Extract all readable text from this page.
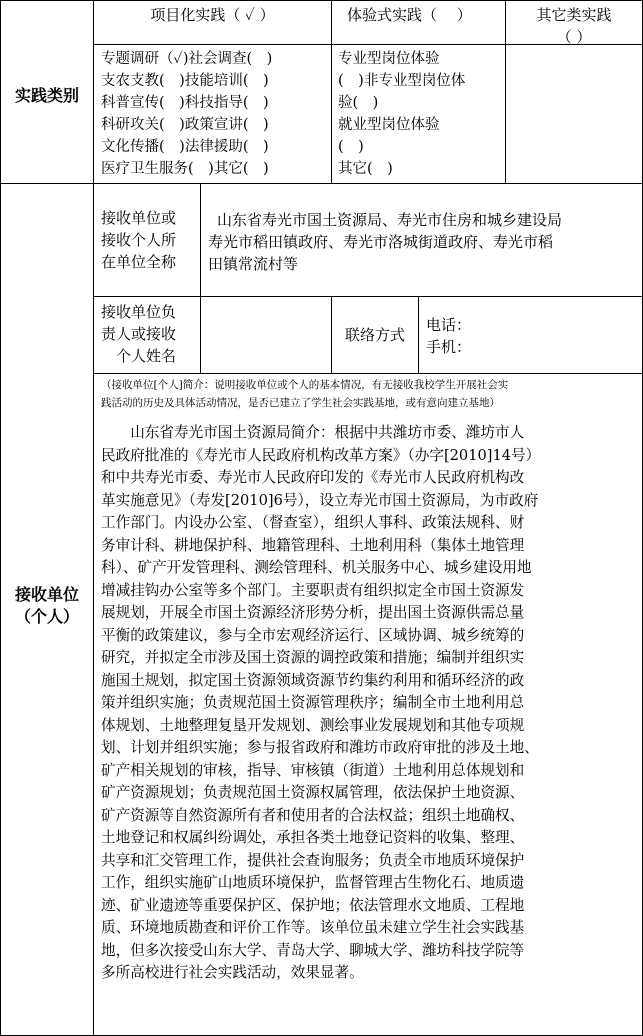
项目化实践（ ✓ ）	体验式实践（　 ）	其它类实践
（ ）
实践类别
专题调研（✓)社会调查(　)
支农支教(　)技能培训(　)
科普宣传(　)科技指导(　)
科研攻关(　)政策宣讲(　)
文化传播(　)法律援助(　)
医疗卫生服务(　)其它(　)
专业型岗位体验
(　)非专业型岗位体
验(　)
就业型岗位体验
(　)
其它(　)
接收单位
（个人）
接收单位或
接收个人所
在单位全称
山东省寿光市国土资源局、寿光市住房和城乡建设局
寿光市稻田镇政府、寿光市洛城街道政府、寿光市稻
田镇常流村等
接收单位负
责人或接收
个人姓名
联络方式
电话：
手机：
（接收单位[个人]简介：说明接收单位或个人的基本情况，有无接收我校学生开展社会实
践活动的历史及具体活动情况，是否已建立了学生社会实践基地，或有意向建立基地）
　　山东省寿光市国土资源局简介：根据中共潍坊市委、潍坊市人
民政府批准的《寿光市人民政府机构改革方案》（办字[2010]14号）
和中共寿光市委、寿光市人民政府印发的《寿光市人民政府机构改
革实施意见》（寿发[2010]6号），设立寿光市国土资源局，为市政府
工作部门。内设办公室、（督查室），组织人事科、政策法规科、财
务审计科、耕地保护科、地籍管理科、土地利用科（集体土地管理
科）、矿产开发管理科、测绘管理科、机关服务中心、城乡建设用地
增减挂钩办公室等多个部门。主要职责有组织拟定全市国土资源发
展规划，开展全市国土资源经济形势分析，提出国土资源供需总量
平衡的政策建议，参与全市宏观经济运行、区域协调、城乡统筹的
研究，并拟定全市涉及国土资源的调控政策和措施；编制并组织实
施国土规划，拟定国土资源领域资源节约集约利用和循环经济的政
策并组织实施；负责规范国土资源管理秩序；编制全市土地利用总
体规划、土地整理复垦开发规划、测绘事业发展规划和其他专项规
划、计划并组织实施；参与报省政府和潍坊市政府审批的涉及土地、
矿产相关规划的审核，指导、审核镇（街道）土地利用总体规划和
矿产资源规划；负责规范国土资源权属管理，依法保护土地资源、
矿产资源等自然资源所有者和使用者的合法权益；组织土地确权、
土地登记和权属纠纷调处，承担各类土地登记资料的收集、整理、
共享和汇交管理工作，提供社会查询服务；负责全市地质环境保护
工作，组织实施矿山地质环境保护，监督管理古生物化石、地质遗
迹、矿业遗迹等重要保护区、保护地；依法管理水文地质、工程地
质、环境地质勘查和评价工作等。该单位虽未建立学生社会实践基
地，但多次接受山东大学、青岛大学、聊城大学、潍坊科技学院等
多所高校进行社会实践活动，效果显著。
